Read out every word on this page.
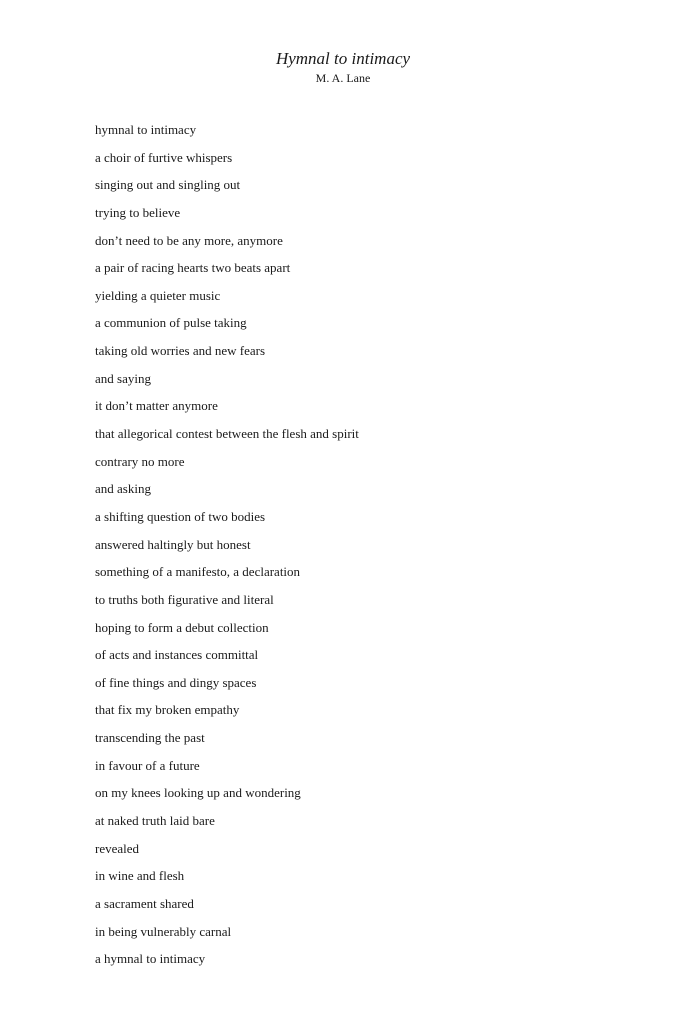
Hymnal to intimacy

M. A. Lane

hymnal to intimacy
a choir of furtive whispers
singing out and singling out
trying to believe
don’t need to be any more, anymore
a pair of racing hearts two beats apart
yielding a quieter music
a communion of pulse taking
taking old worries and new fears
and saying
it don’t matter anymore
that allegorical contest between the flesh and spirit
contrary no more
and asking
a shifting question of two bodies
answered haltingly but honest
something of a manifesto, a declaration
to truths both figurative and literal
hoping to form a debut collection
of acts and instances committal
of fine things and dingy spaces
that fix my broken empathy
transcending the past
in favour of a future
on my knees looking up and wondering
at naked truth laid bare
revealed
in wine and flesh
a sacrament shared
in being vulnerably carnal
a hymnal to intimacy
